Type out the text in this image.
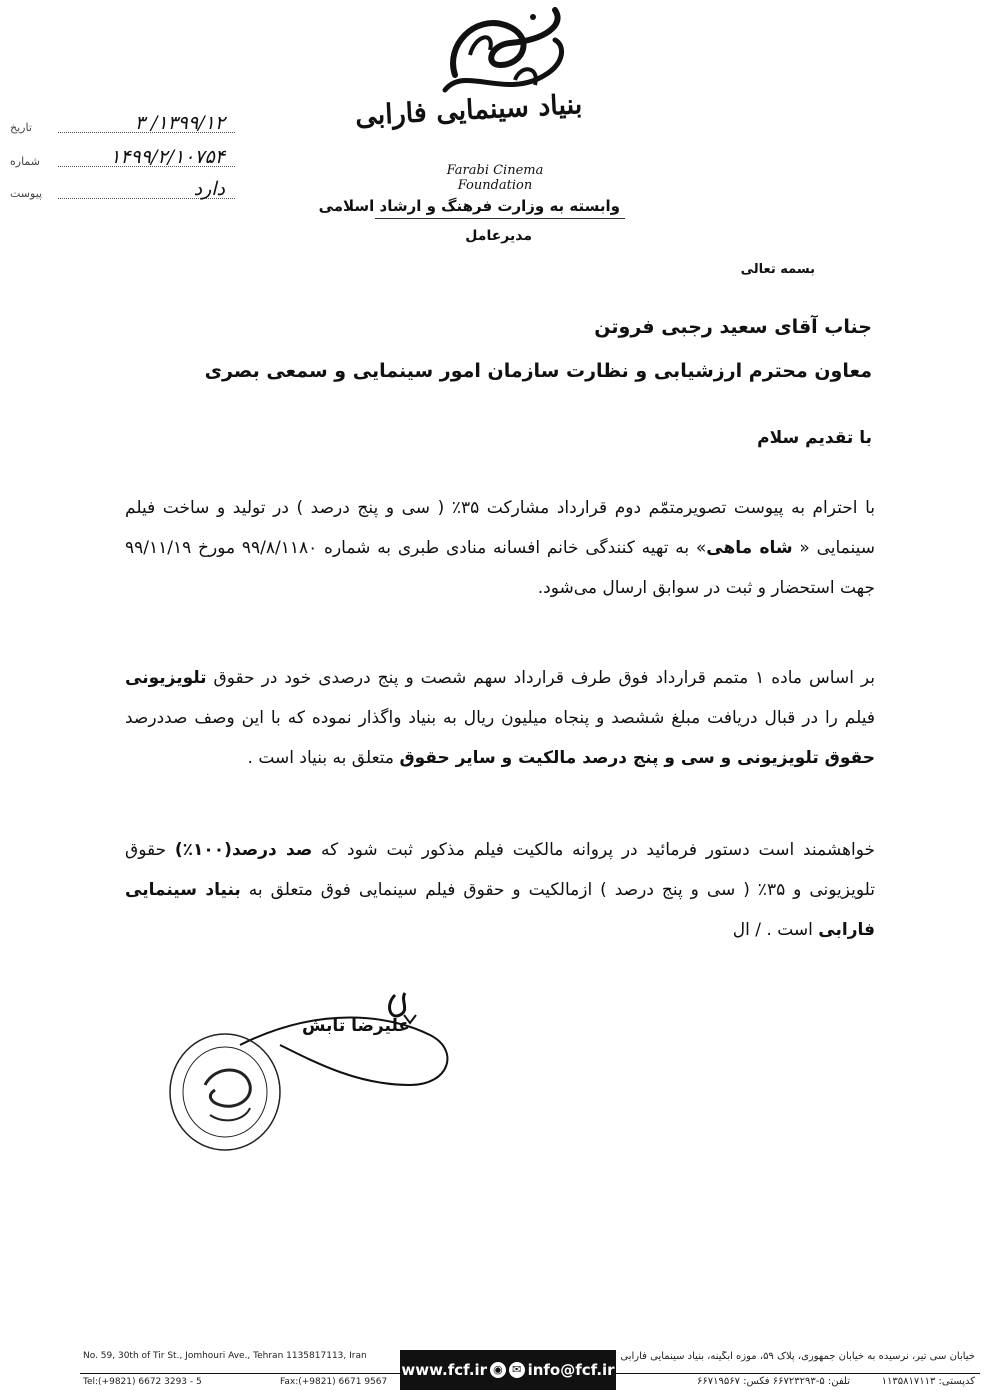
بنیاد سینمایی فارابی
Farabi Cinema Foundation
وابسته به وزارت فرهنگ و ارشاد اسلامی
مدیرعامل
تاریخ	۱۳۹۹/۱۲/ ۳
شماره	۱۴۹۹/۲/۱۰۷۵۴
پیوست	دارد
بسمه تعالی
جناب آقای سعید رجبی فروتن
معاون محترم ارزشیابی و نظارت سازمان امور سینمایی و سمعی بصری
با تقدیم سلام
با احترام به پیوست تصویرمتمّم دوم قرارداد مشارکت ۳۵٪ ( سی و پنج درصد ) در تولید و ساخت فیلم سینمایی « شاه ماهی» به تهیه کنندگی خانم افسانه منادی طبری به شماره ۹۹/۸/۱۱۸۰ مورخ ۹۹/۱۱/۱۹ جهت استحضار و ثبت در سوابق ارسال می‌شود.
بر اساس ماده ۱ متمم قرارداد فوق طرف قرارداد سهم شصت و پنج درصدی خود در حقوق تلویزیونی فیلم را در قبال دریافت مبلغ ششصد و پنجاه میلیون ریال به بنیاد واگذار نموده که با این وصف صددرصد حقوق تلویزیونی و سی و پنج درصد مالکیت و سایر حقوق متعلق به بنیاد است .
خواهشمند است دستور فرمائید در پروانه مالکیت فیلم مذکور ثبت شود که صد درصد(۱۰۰٪) حقوق تلویزیونی و ۳۵٪ ( سی و پنج درصد ) ازمالکیت و حقوق فیلم سینمایی فوق متعلق به بنیاد سینمایی فارابی است . / ال
علیرضا تابش
No. 59, 30th of Tir St., Jomhouri Ave., Tehran 1135817113, Iran
Tel:(+9821) 6672 3293 - 5	Fax:(+9821) 6671 9567
www.fcf.ir ◉ ✉ info@fcf.ir
خیابان سی تیر، نرسیده به خیابان جمهوری، پلاک ۵۹، موزه آبگینه، بنیاد سینمایی فارابی
تلفن: ۵-۶۶۷۲۳۲۹۳ فکس: ۶۶۷۱۹۵۶۷	کدپستی: ۱۱۳۵۸۱۷۱۱۳
